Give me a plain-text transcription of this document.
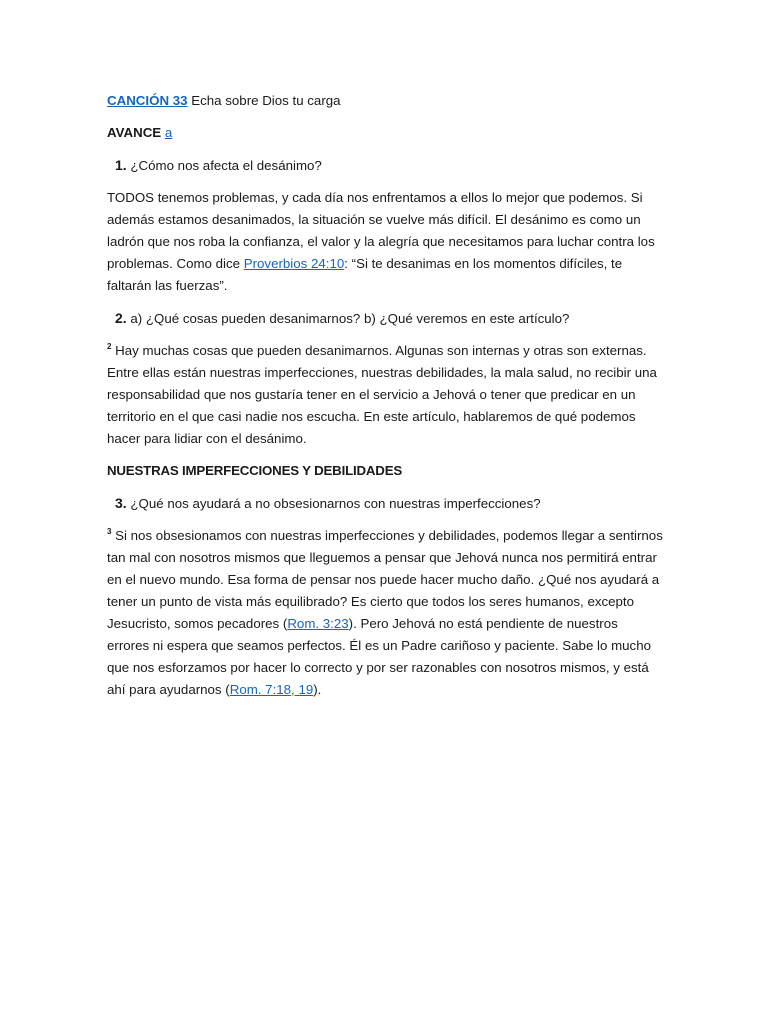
CANCIÓN 33 Echa sobre Dios tu carga

AVANCE a

1. ¿Cómo nos afecta el desánimo?

TODOS tenemos problemas, y cada día nos enfrentamos a ellos lo mejor que podemos. Si además estamos desanimados, la situación se vuelve más difícil. El desánimo es como un ladrón que nos roba la confianza, el valor y la alegría que necesitamos para luchar contra los problemas. Como dice Proverbios 24:10: “Si te desanimas en los momentos difíciles, te faltarán las fuerzas”.

2. a) ¿Qué cosas pueden desanimarnos? b) ¿Qué veremos en este artículo?

$^2$ Hay muchas cosas que pueden desanimarnos. Algunas son internas y otras son externas. Entre ellas están nuestras imperfecciones, nuestras debilidades, la mala salud, no recibir una responsabilidad que nos gustaría tener en el servicio a Jehová o tener que predicar en un territorio en el que casi nadie nos escucha. En este artículo, hablaremos de qué podemos hacer para lidiar con el desánimo.

NUESTRAS IMPERFECCIONES Y DEBILIDADES

3. ¿Qué nos ayudará a no obsesionarnos con nuestras imperfecciones?

$^3$ Si nos obsesionamos con nuestras imperfecciones y debilidades, podemos llegar a sentirnos tan mal con nosotros mismos que lleguemos a pensar que Jehová nunca nos permitirá entrar en el nuevo mundo. Esa forma de pensar nos puede hacer mucho daño. ¿Qué nos ayudará a tener un punto de vista más equilibrado? Es cierto que todos los seres humanos, excepto Jesucristo, somos pecadores (Rom. 3:23). Pero Jehová no está pendiente de nuestros errores ni espera que seamos perfectos. Él es un Padre cariñoso y paciente. Sabe lo mucho que nos esforzamos por hacer lo correcto y por ser razonables con nosotros mismos, y está ahí para ayudarnos (Rom. 7:18, 19).
